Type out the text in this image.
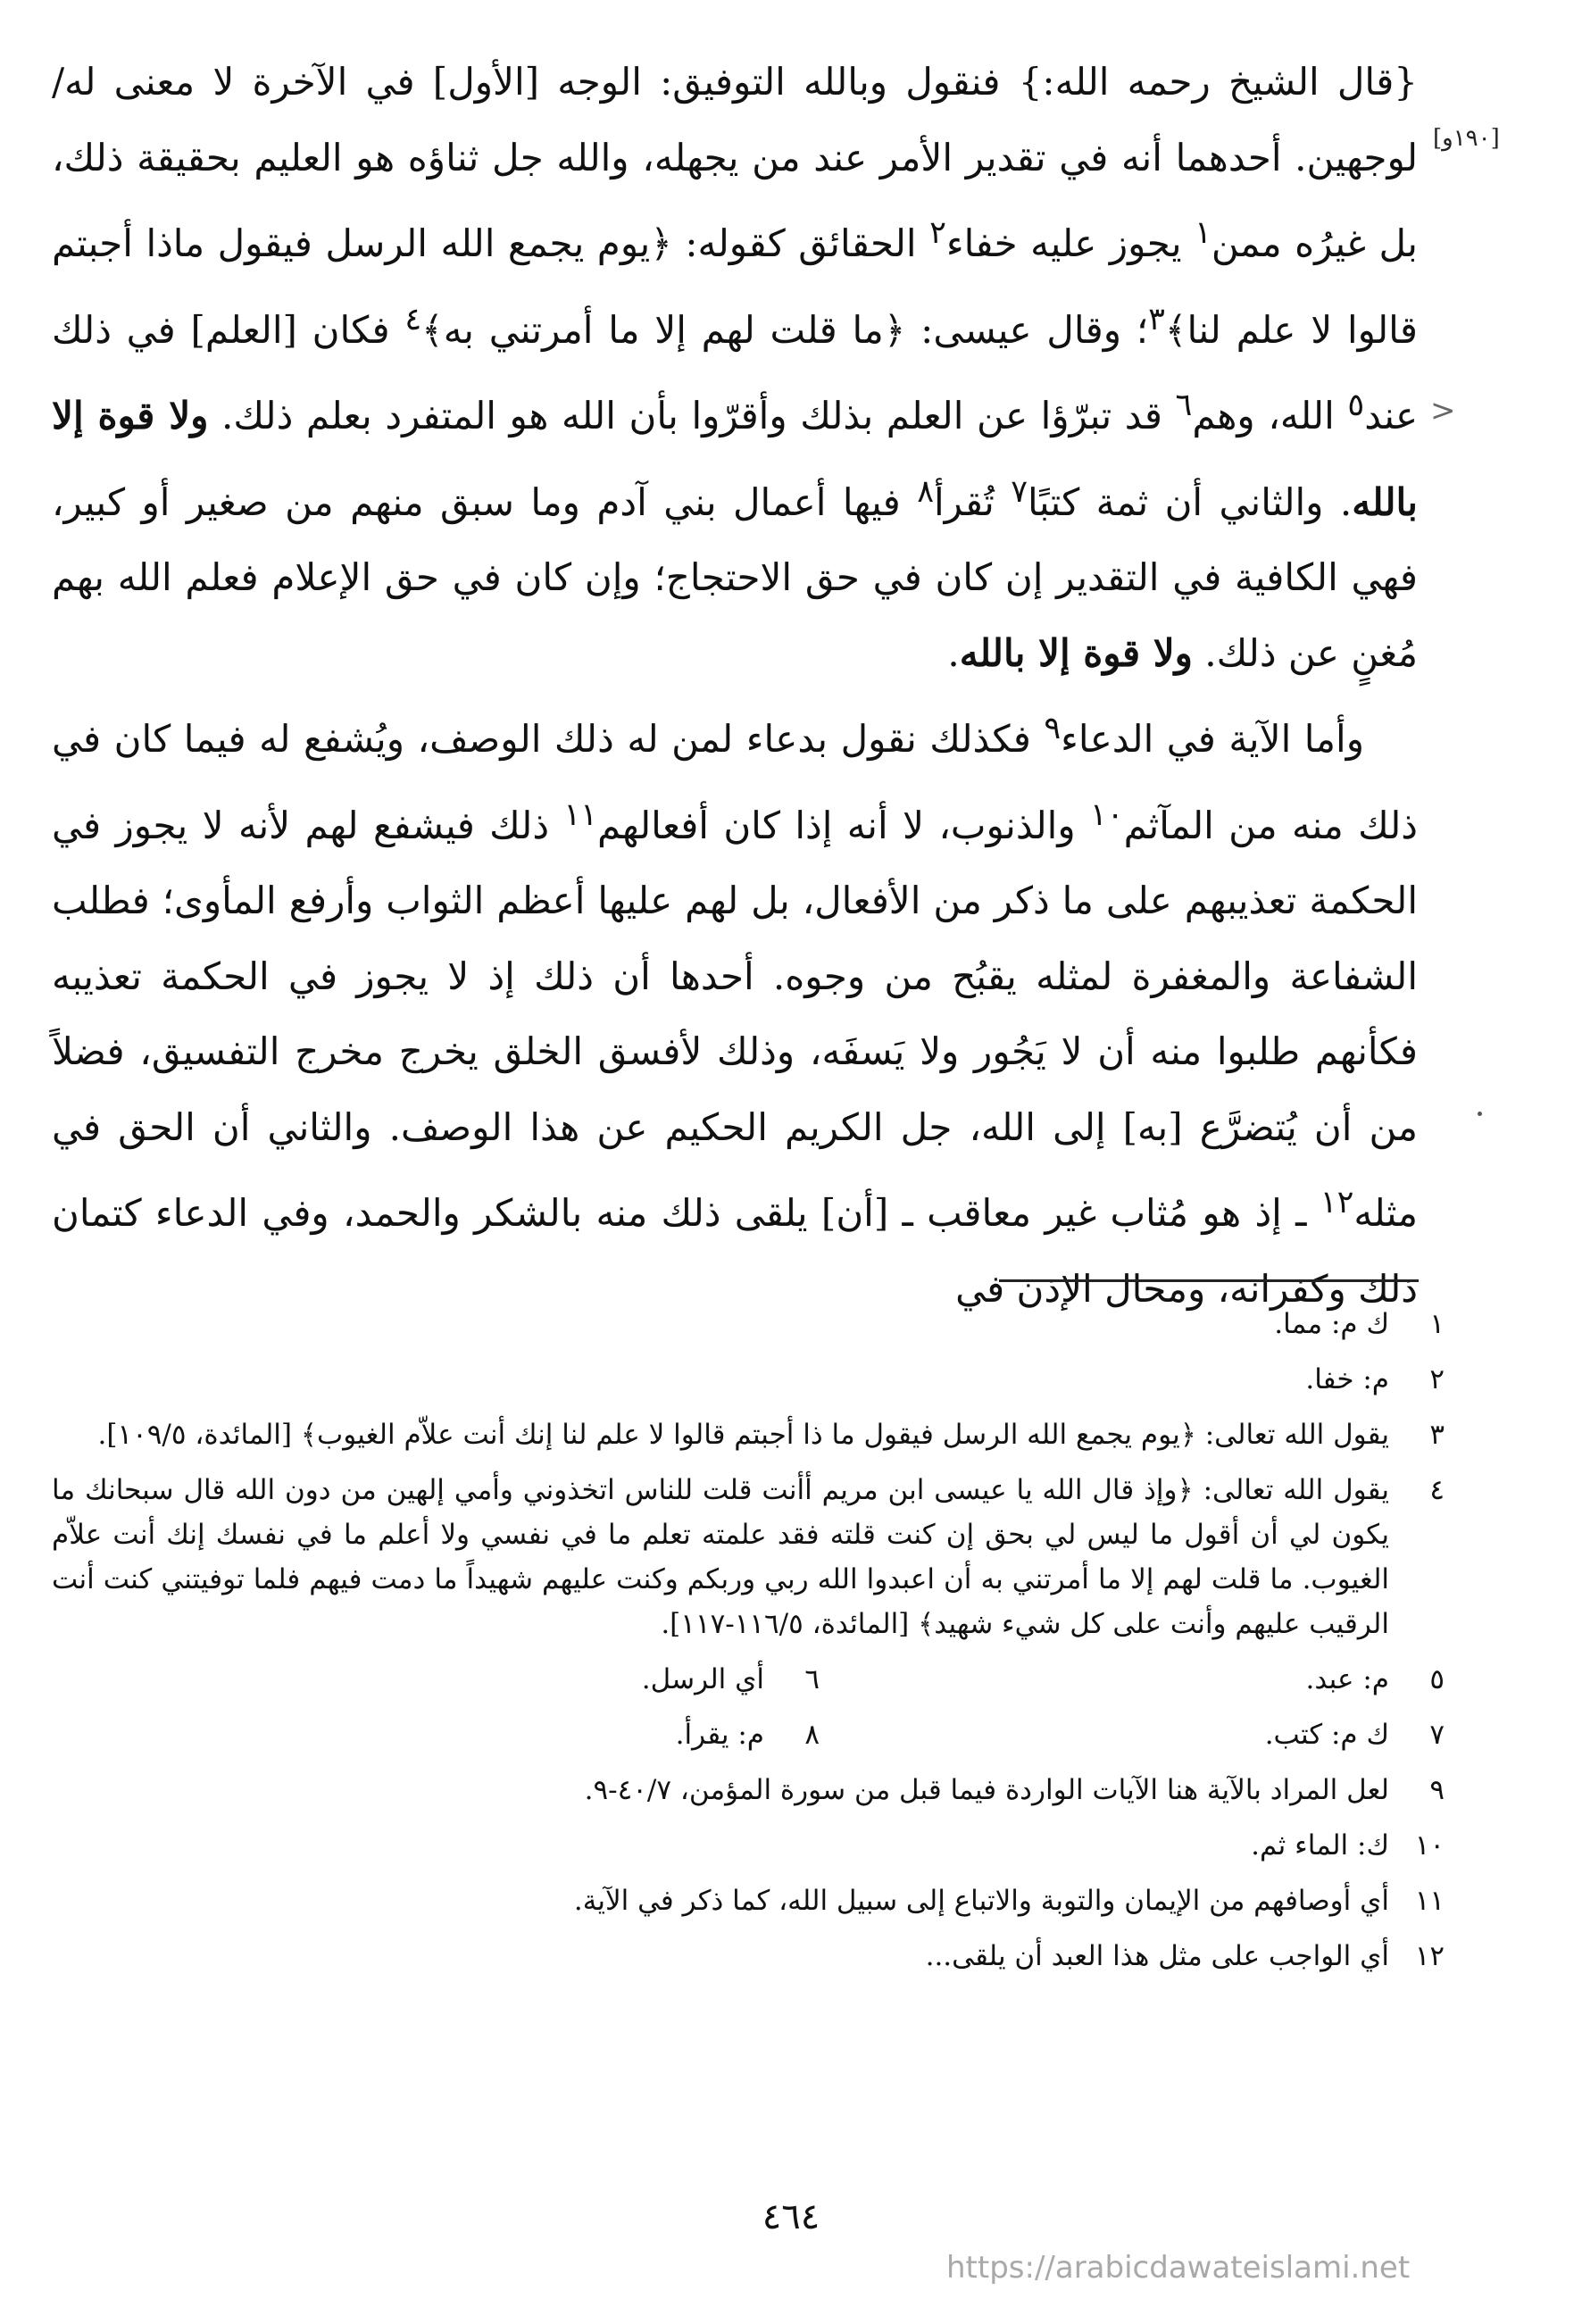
[١٩٠و]
<

{قال الشيخ رحمه الله:} فنقول وبالله التوفيق: الوجه [الأول] في الآخرة لا معنى له/ لوجهين. أحدهما أنه في تقدير الأمر عند من يجهله، والله جل ثناؤه هو العليم بحقيقة ذلك، بل غيرُه ممن$^١$ يجوز عليه خفاء$^٢$ الحقائق كقوله: ﴿يوم يجمع الله الرسل فيقول ماذا أجبتم قالوا لا علم لنا﴾$^٣$؛ وقال عيسى: ﴿ما قلت لهم إلا ما أمرتني به﴾$^٤$ فكان [العلم] في ذلك عند$^٥$ الله، وهم$^٦$ قد تبرّؤا عن العلم بذلك وأقرّوا بأن الله هو المتفرد بعلم ذلك. ولا قوة إلا بالله. والثاني أن ثمة كتبًا$^٧$ تُقرأ$^٨$ فيها أعمال بني آدم وما سبق منهم من صغير أو كبير، فهي الكافية في التقدير إن كان في حق الاحتجاج؛ وإن كان في حق الإعلام فعلم الله بهم مُغنٍ عن ذلك. ولا قوة إلا بالله.

وأما الآية في الدعاء$^٩$ فكذلك نقول بدعاء لمن له ذلك الوصف، ويُشفع له فيما كان في ذلك منه من المآثم$^{١٠}$ والذنوب، لا أنه إذا كان أفعالهم$^{١١}$ ذلك فيشفع لهم لأنه لا يجوز في الحكمة تعذيبهم على ما ذكر من الأفعال، بل لهم عليها أعظم الثواب وأرفع المأوى؛ فطلب الشفاعة والمغفرة لمثله يقبُح من وجوه. أحدها أن ذلك إذ لا يجوز في الحكمة تعذيبه فكأنهم طلبوا منه أن لا يَجُور ولا يَسفَه، وذلك لأفسق الخلق يخرج مخرج التفسيق، فضلاً من أن يُتضرَّع [به] إلى الله، جل الكريم الحكيم عن هذا الوصف. والثاني أن الحق في مثله$^{١٢}$ ـ إذ هو مُثاب غير معاقب ـ [أن] يلقى ذلك منه بالشكر والحمد، وفي الدعاء كتمان ذلك وكفرانه، ومحال الإذن في

١
ك م: مما.
٢
م: خفا.
٣
يقول الله تعالى: ﴿يوم يجمع الله الرسل فيقول ما ذا أجبتم قالوا لا علم لنا إنك أنت علاّم الغيوب﴾ [المائدة، ١٠٩/٥].
٤
يقول الله تعالى: ﴿وإذ قال الله يا عيسى ابن مريم أأنت قلت للناس اتخذوني وأمي إلهين من دون الله قال سبحانك ما يكون لي أن أقول ما ليس لي بحق إن كنت قلته فقد علمته تعلم ما في نفسي ولا أعلم ما في نفسك إنك أنت علاّم الغيوب. ما قلت لهم إلا ما أمرتني به أن اعبدوا الله ربي وربكم وكنت عليهم شهيداً ما دمت فيهم فلما توفيتني كنت أنت الرقيب عليهم وأنت على كل شيء شهيد﴾ [المائدة، ١١٦/٥-١١٧].
٥
م: عبد.
٦
أي الرسل.
٧
ك م: كتب.
٨
م: يقرأ.
٩
لعل المراد بالآية هنا الآيات الواردة فيما قبل من سورة المؤمن، ٤٠/٧-٩.
١٠
ك: الماء ثم.
١١
أي أوصافهم من الإيمان والتوبة والاتباع إلى سبيل الله، كما ذكر في الآية.
١٢
أي الواجب على مثل هذا العبد أن يلقى...
٤٦٤
https://arabicdawateislami.net
